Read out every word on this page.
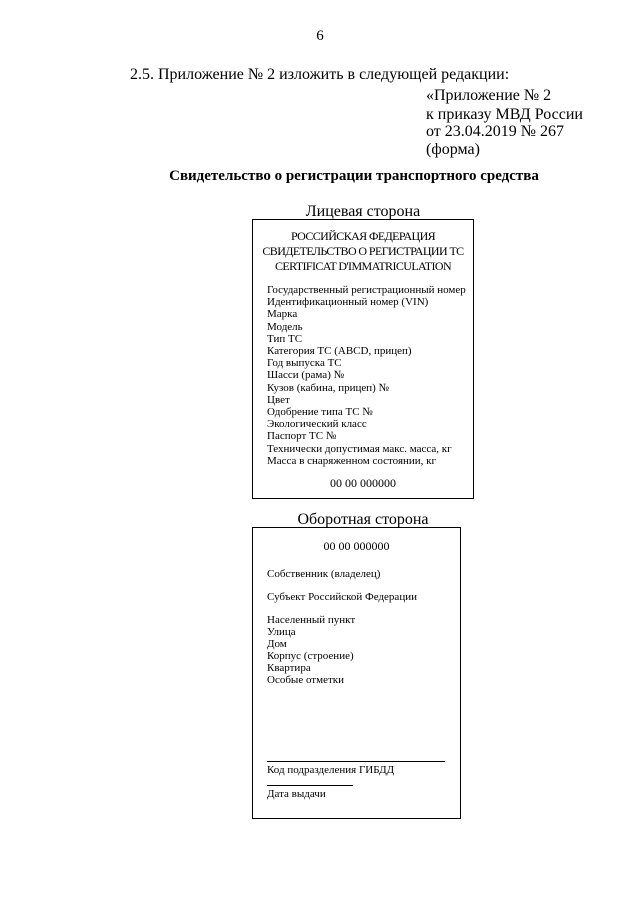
6
2.5. Приложение № 2 изложить в следующей редакции:
«Приложение № 2
к приказу МВД России
от 23.04.2019 № 267
(форма)
Свидетельство о регистрации транспортного средства
Лицевая сторона
РОССИЙСКАЯ ФЕДЕРАЦИЯ
СВИДЕТЕЛЬСТВО О РЕГИСТРАЦИИ ТС
CERTIFICAT D'IMMATRICULATION
Государственный регистрационный номер
Идентификационный номер (VIN)
Марка
Модель
Тип ТС
Категория ТС (ABCD, прицеп)
Год выпуска ТС
Шасси (рама) №
Кузов (кабина, прицеп) №
Цвет
Одобрение типа ТС №
Экологический класс
Паспорт ТС №
Технически допустимая макс. масса, кг
Масса в снаряженном состоянии, кг
00 00 000000
Оборотная сторона
00 00 000000
Собственник (владелец)
Субъект Российской Федерации
Населенный пункт
Улица
Дом
Корпус (строение)
Квартира
Особые отметки
Код подразделения ГИБДД
Дата выдачи
